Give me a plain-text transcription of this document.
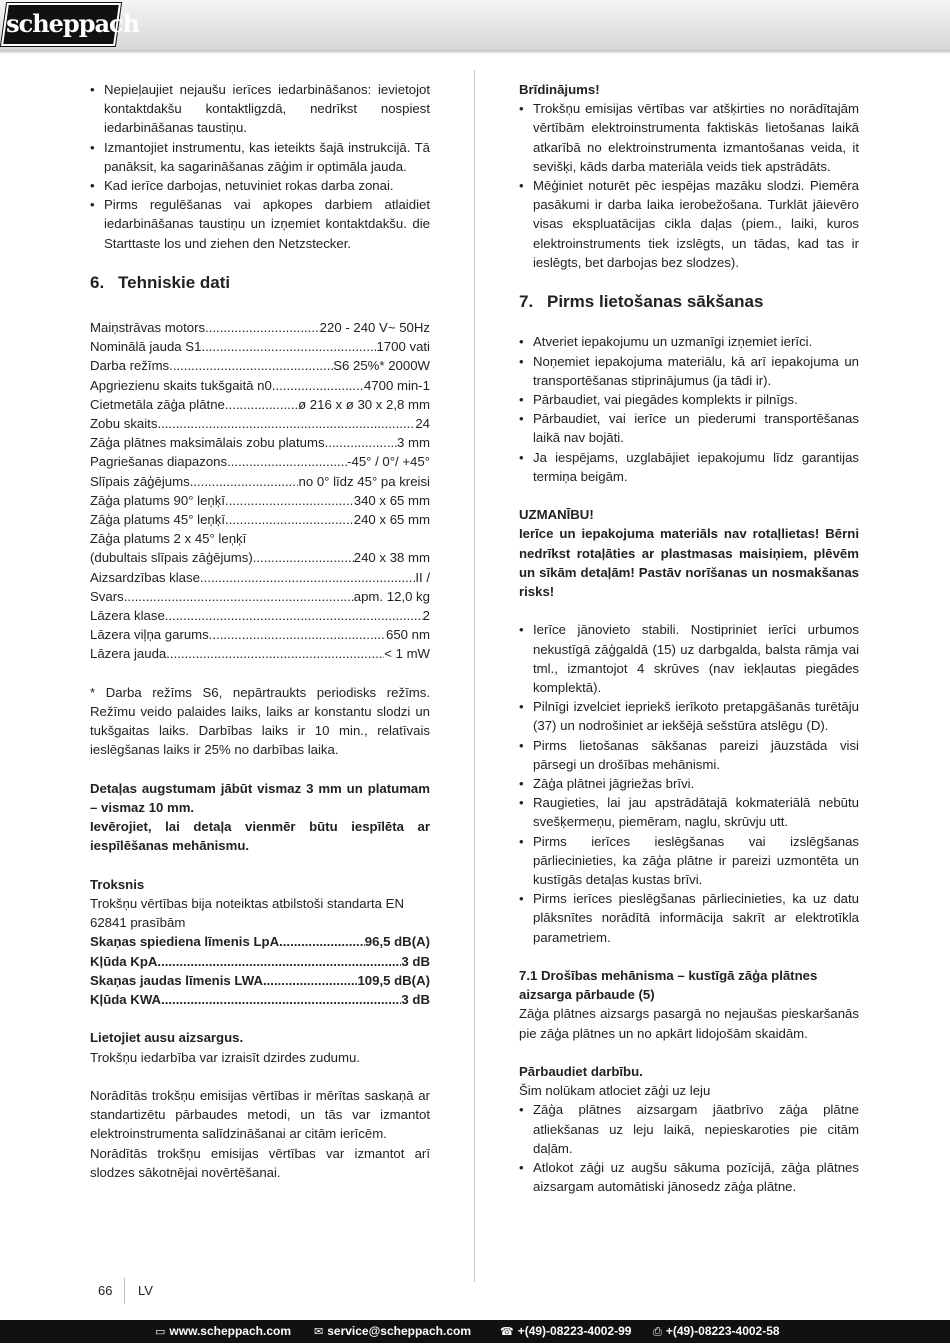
scheppach
• Nepieļaujiet nejaušu ierīces iedarbināšanos: ievietojot kontaktdakšu kontaktligzdā, nedrīkst nospiest iedarbināšanas taustiņu.
• Izmantojiet instrumentu, kas ieteikts šajā instrukcijā. Tā panāksit, ka sagarināšanas zāģim ir optimāla jauda.
• Kad ierīce darbojas, netuviniet rokas darba zonai.
• Pirms regulēšanas vai apkopes darbiem atlaidiet iedarbināšanas taustiņu un izņemiet kontaktdakšu. die Starttaste los und ziehen den Netzstecker.
6. Tehniskie dati
Maiņstrāvas motors .....	220 - 240 V~ 50Hz
Nominālā jauda S1 .....	1700 vati
Darba režīms .....	S6 25%* 2000W
Apgriezienu skaits tukšgaitā n0 .....	4700 min-1
Cietmetāla zāģa plātne .....	ø 216 x ø 30 x 2,8 mm
Zobu skaits .....	24
Zāģa plātnes maksimālais zobu platums .....	3 mm
Pagriešanas diapazons .....	-45° / 0°/ +45°
Slīpais zāģējums .....	no 0° līdz 45° pa kreisi
Zāģa platums 90° leņķī .....	340 x 65 mm
Zāģa platums 45° leņķī .....	240 x 65 mm
Zāģa platums 2 x 45° leņķī
(dubultais slīpais zāģējums) .....	240 x 38 mm
Aizsardzības klase .....	II /
Svars .....	apm. 12,0 kg
Lāzera klase .....	2
Lāzera viļņa garums .....	650 nm
Lāzera jauda .....	< 1 mW

* Darba režīms S6, nepārtraukts periodisks režīms. Režīmu veido palaides laiks, laiks ar konstantu slodzi un tukšgaitas laiks. Darbības laiks ir 10 min., relatīvais ieslēgšanas laiks ir 25% no darbības laika.

Detaļas augstumam jābūt vismaz 3 mm un platumam – vismaz 10 mm.

Ievērojiet, lai detaļa vienmēr būtu iespīlēta ar iespīlēšanas mehānismu.

Troksnis

Trokšņu vērtības bija noteiktas atbilstoši standarta EN 62841 prasībām

Skaņas spiediena līmenis LpA .....	96,5 dB(A)
Kļūda KpA .....	3 dB
Skaņas jaudas līmenis LWA .....	109,5 dB(A)
Kļūda KWA .....	3 dB

Lietojiet ausu aizsargus.

Trokšņu iedarbība var izraisīt dzirdes zudumu.

Norādītās trokšņu emisijas vērtības ir mērītas saskaņā ar standartizētu pārbaudes metodi, un tās var izmantot elektroinstrumenta salīdzināšanai ar citām ierīcēm.

Norādītās trokšņu emisijas vērtības var izmantot arī slodzes sākotnējai novērtēšanai.

Brīdinājums!

• Trokšņu emisijas vērtības var atšķirties no norādītajām vērtībām elektroinstrumenta faktiskās lietošanas laikā atkarībā no elektroinstrumenta izmantošanas veida, it sevišķi, kāds darba materiāla veids tiek apstrādāts.
• Mēģiniet noturēt pēc iespējas mazāku slodzi. Piemēra pasākumi ir darba laika ierobežošana. Turklāt jāievēro visas ekspluatācijas cikla daļas (piem., laiki, kuros elektroinstruments tiek izslēgts, un tādas, kad tas ir ieslēgts, bet darbojas bez slodzes).
7. Pirms lietošanas sākšanas
• Atveriet iepakojumu un uzmanīgi izņemiet ierīci.
• Noņemiet iepakojuma materiālu, kā arī iepakojuma un transportēšanas stiprinājumus (ja tādi ir).
• Pārbaudiet, vai piegādes komplekts ir pilnīgs.
• Pārbaudiet, vai ierīce un piederumi transportēšanas laikā nav bojāti.
• Ja iespējams, uzglabājiet iepakojumu līdz garantijas termiņa beigām.

UZMANĪBU!

Ierīce un iepakojuma materiāls nav rotaļlietas! Bērni nedrīkst rotaļāties ar plastmasas maisiņiem, plēvēm un sīkām detaļām! Pastāv norīšanas un nosmakšanas risks!

• Ierīce jānovieto stabili. Nostipriniet ierīci urbumos nekustīgā zāģgaldā (15) uz darbgalda, balsta rāmja vai tml., izmantojot 4 skrūves (nav iekļautas piegādes komplektā).
• Pilnīgi izvelciet iepriekš ierīkoto pretapgāšanās turētāju (37) un nodrošiniet ar iekšējā sešstūra atslēgu (D).
• Pirms lietošanas sākšanas pareizi jāuzstāda visi pārsegi un drošības mehānismi.
• Zāģa plātnei jāgriežas brīvi.
• Raugieties, lai jau apstrādātajā kokmateriālā nebūtu svešķermeņu, piemēram, naglu, skrūvju utt.
• Pirms ierīces ieslēgšanas vai izslēgšanas pārliecinieties, ka zāģa plātne ir pareizi uzmontēta un kustīgās detaļas kustas brīvi.
• Pirms ierīces pieslēgšanas pārliecinieties, ka uz datu plāksnītes norādītā informācija sakrīt ar elektrotīkla parametriem.

7.1 Drošības mehānisma – kustīgā zāģa plātnes aizsarga pārbaude (5)

Zāģa plātnes aizsargs pasargā no nejaušas pieskaršanās pie zāģa plātnes un no apkārt lidojošām skaidām.

Pārbaudiet darbību.

Šim nolūkam atlociet zāģi uz leju

• Zāģa plātnes aizsargam jāatbrīvo zāģa plātne atliekšanas uz leju laikā, nepieskaroties pie citām daļām.
• Atlokot zāģi uz augšu sākuma pozīcijā, zāģa plātnes aizsargam automātiski jānosedz zāģa plātne.
66 LV
▭ www.scheppach.com ✉ service@scheppach.com	☎ +(49)-08223-4002-99 ⎙ +(49)-08223-4002-58
